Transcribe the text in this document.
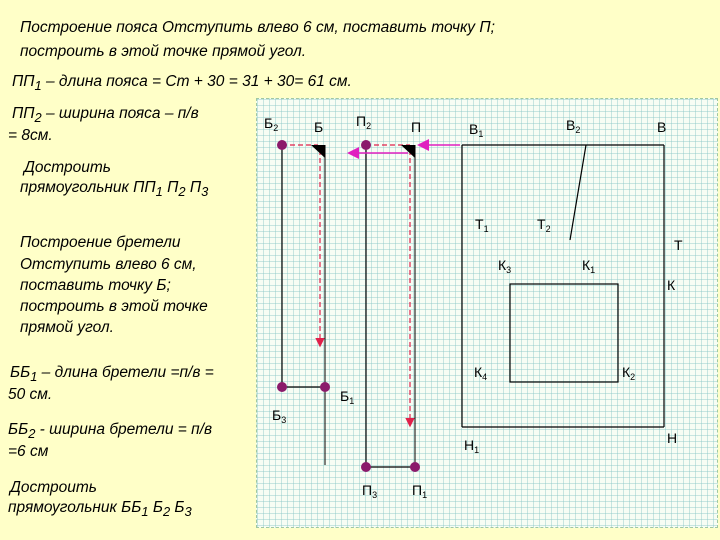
Построение пояса Отступить влево 6 см, поставить точку П;

построить в этой точке прямой угол.

$ПП_1$ – длина пояса = Ст + 30 = 31 + 30= 61 см.

$ПП_2$ – ширина пояса – п/в

= 8см.

Достроить

прямоугольник $ПП_1$ $П_2$ $П_3$

Построение бретели

Отступить влево 6 см,

поставить точку Б;

построить в этой точке

прямой угол.

$ББ_1$ – длина бретели =п/в =

50 см.

$ББ_2$ - ширина бретели = п/в

=6 см

Достроить

прямоугольник $ББ_1$ $Б_2$ $Б_3$

$Б_2$	Б $П_2$	П	$В_1$
$В_2$	В
$Т_1$	$Т_2$
Т
$К_3$	$К_1$
К
$К_4$	$К_2$
$Б_1$
$Б_3$
$Н_1$
Н
$П_3$ $П_1$
